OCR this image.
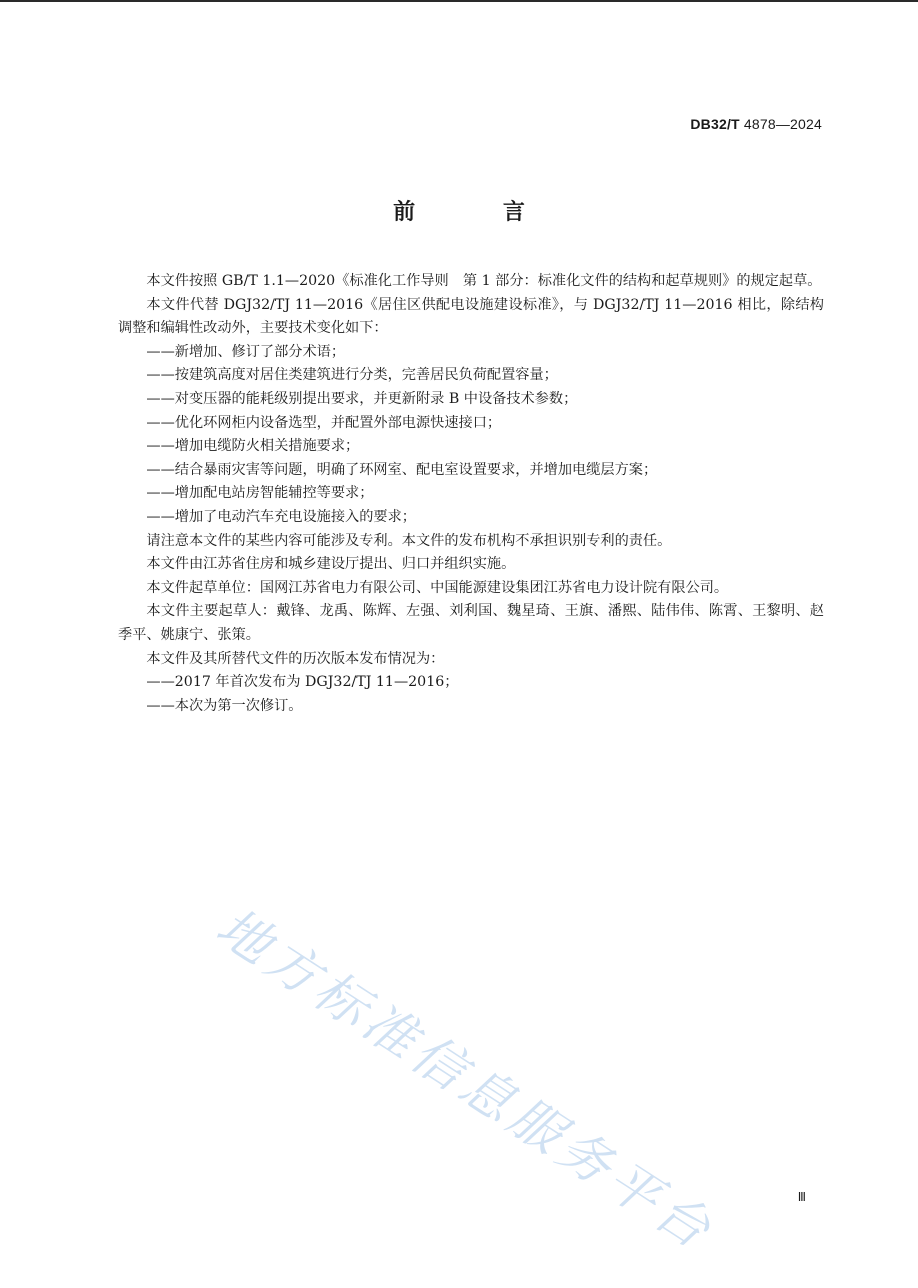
DB32/T 4878—2024
前 言

本文件按照 GB/T 1.1—2020《标准化工作导则　第 1 部分：标准化文件的结构和起草规则》的规定起草。

本文件代替 DGJ32/TJ 11—2016《居住区供配电设施建设标准》，与 DGJ32/TJ 11—2016 相比，除结构调整和编辑性改动外，主要技术变化如下：

——新增加、修订了部分术语；

——按建筑高度对居住类建筑进行分类，完善居民负荷配置容量；

——对变压器的能耗级别提出要求，并更新附录 B 中设备技术参数；

——优化环网柜内设备选型，并配置外部电源快速接口；

——增加电缆防火相关措施要求；

——结合暴雨灾害等问题，明确了环网室、配电室设置要求，并增加电缆层方案；

——增加配电站房智能辅控等要求；

——增加了电动汽车充电设施接入的要求；

请注意本文件的某些内容可能涉及专利。本文件的发布机构不承担识别专利的责任。

本文件由江苏省住房和城乡建设厅提出、归口并组织实施。

本文件起草单位：国网江苏省电力有限公司、中国能源建设集团江苏省电力设计院有限公司。

本文件主要起草人：戴锋、龙禹、陈辉、左强、刘利国、魏星琦、王旗、潘熙、陆伟伟、陈霄、王黎明、赵季平、姚康宁、张策。

本文件及其所替代文件的历次版本发布情况为：

——2017 年首次发布为 DGJ32/TJ 11—2016；

——本次为第一次修订。

地方标准信息服务平台	Ⅲ
